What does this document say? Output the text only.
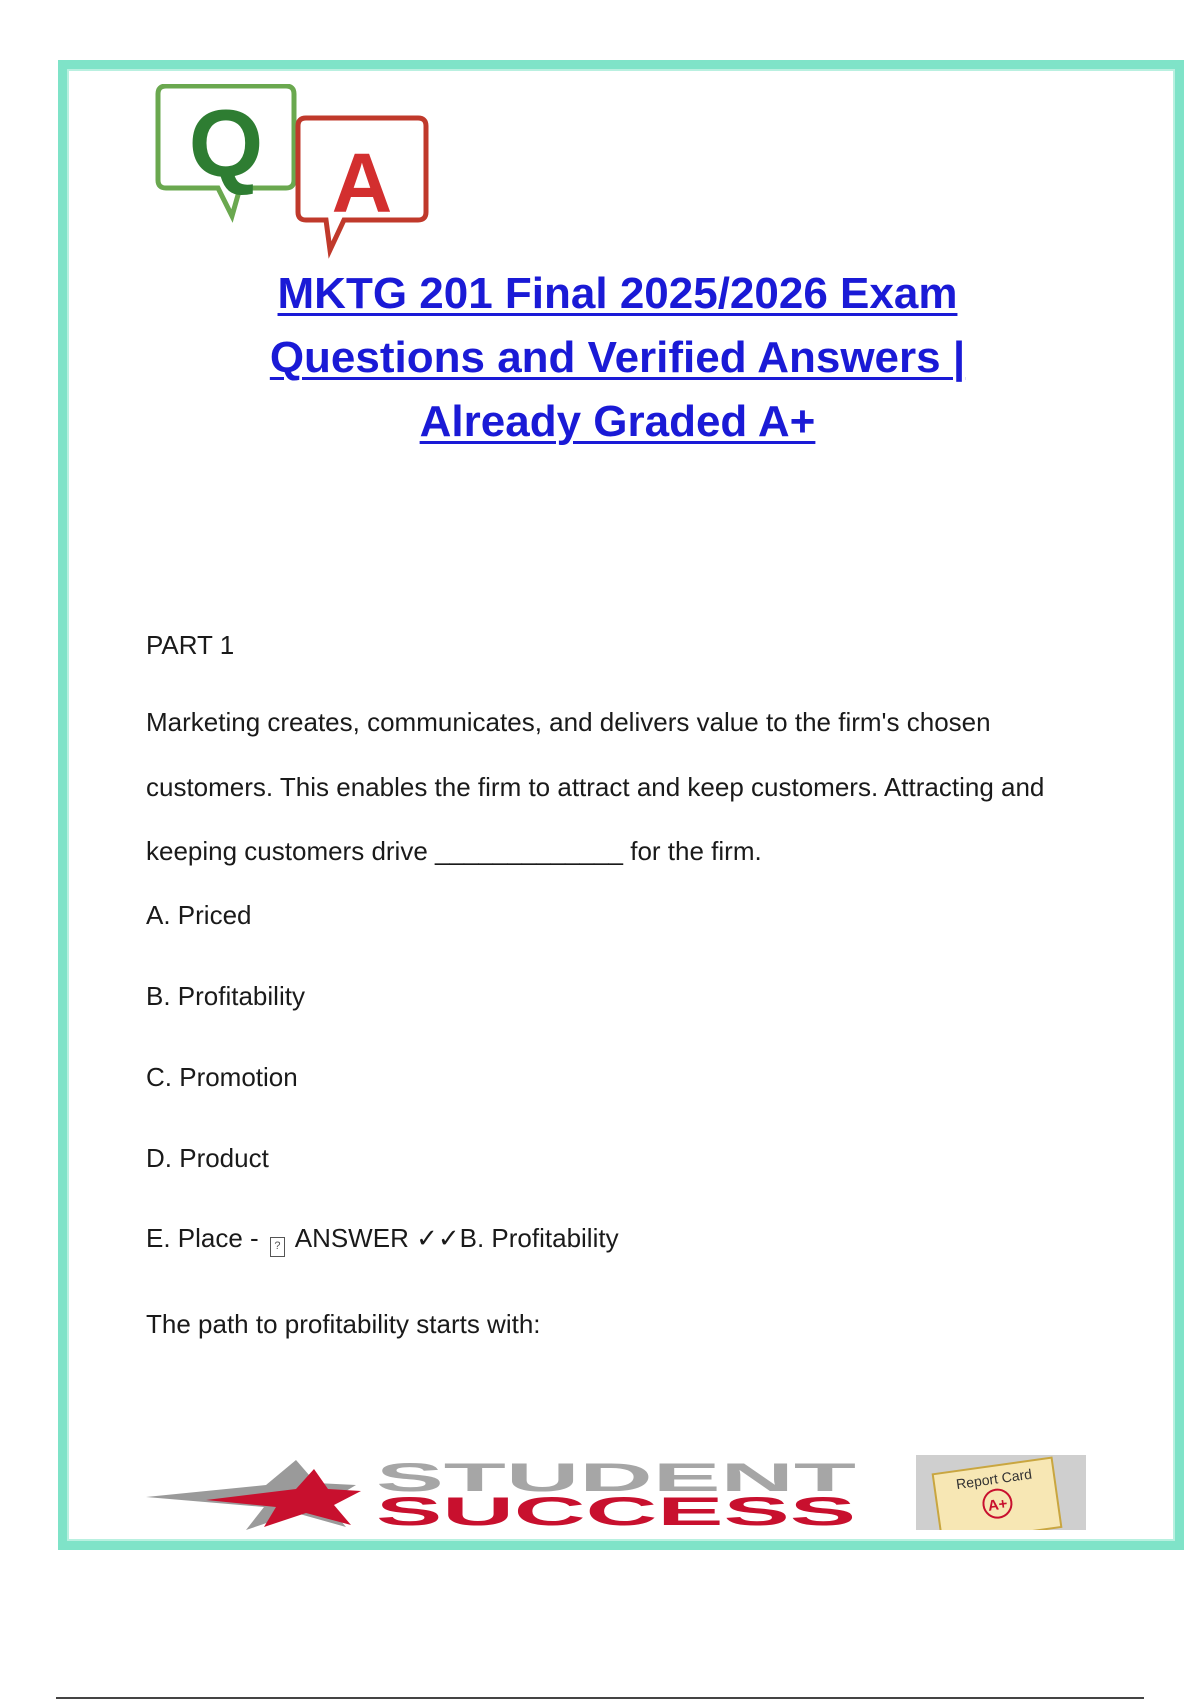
Q A
MKTG 201 Final 2025/2026 Exam
Questions and Verified Answers |
Already Graded A+

PART 1

Marketing creates, communicates, and delivers value to the firm's chosen customers. This enables the firm to attract and keep customers. Attracting and keeping customers drive _____________ for the firm.

A. Priced

B. Profitability

C. Promotion

D. Product

E. Place - ? ANSWER ✓✓B. Profitability

The path to profitability starts with:

STUDENT
SUCCESS
Report Card
A+
